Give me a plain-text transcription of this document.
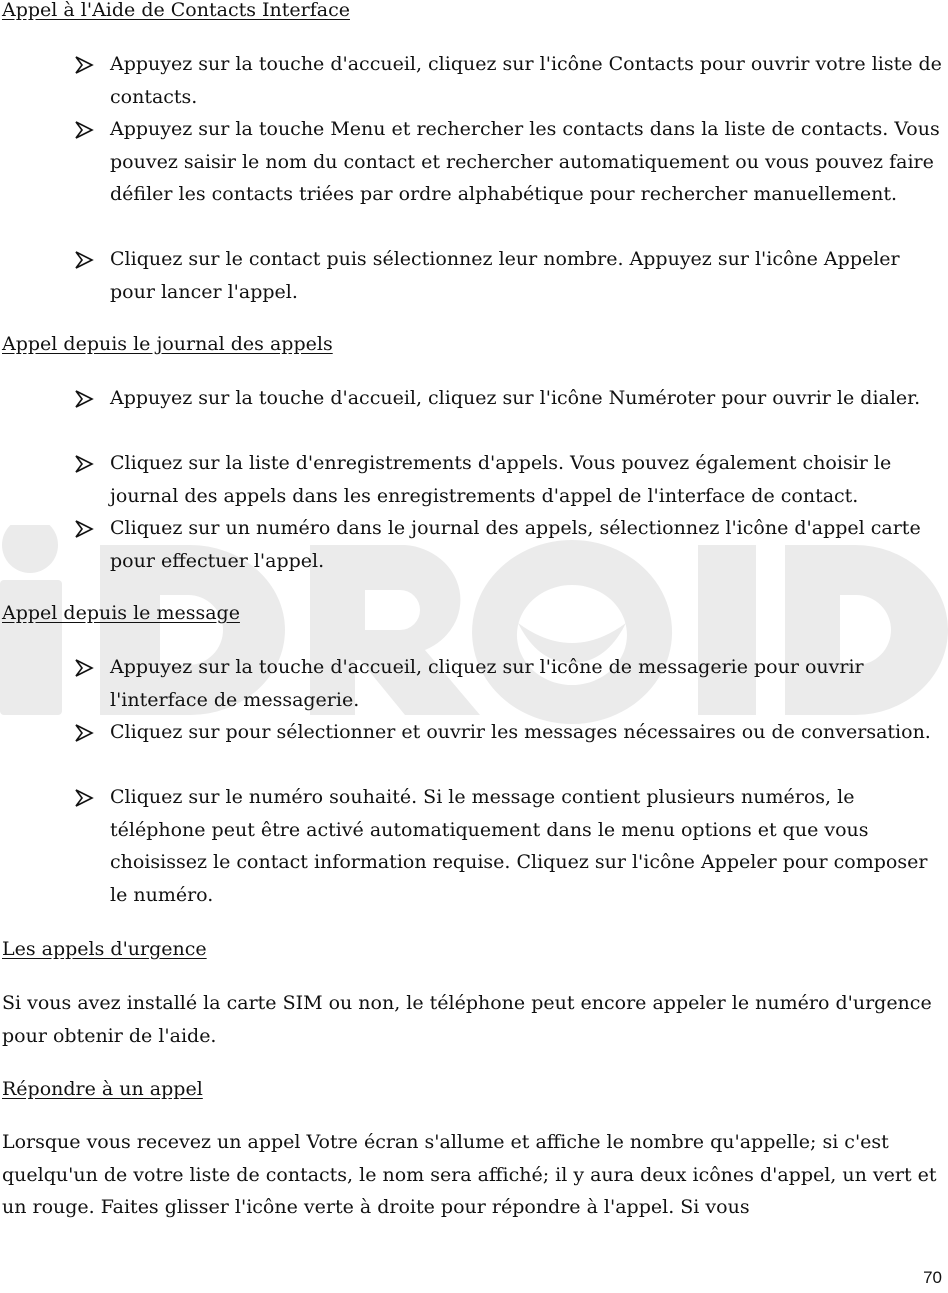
Appel à l'Aide de Contacts Interface
Appuyez sur la touche d'accueil, cliquez sur l'icône Contacts pour ouvrir votre liste de contacts.
Appuyez sur la touche Menu et rechercher les contacts dans la liste de contacts. Vous pouvez saisir le nom du contact et rechercher automatiquement ou vous pouvez faire défiler les contacts triées par ordre alphabétique pour rechercher manuellement.
Cliquez sur le contact puis sélectionnez leur nombre. Appuyez sur l'icône Appeler pour lancer l'appel.
Appel depuis le journal des appels
Appuyez sur la touche d'accueil, cliquez sur l'icône Numéroter pour ouvrir le dialer.
Cliquez sur la liste d'enregistrements d'appels. Vous pouvez également choisir le journal des appels dans les enregistrements d'appel de l'interface de contact.
Cliquez sur un numéro dans le journal des appels, sélectionnez l'icône d'appel carte pour effectuer l'appel.
Appel depuis le message
Appuyez sur la touche d'accueil, cliquez sur l'icône de messagerie pour ouvrir l'interface de messagerie.
Cliquez sur pour sélectionner et ouvrir les messages nécessaires ou de conversation.
Cliquez sur le numéro souhaité. Si le message contient plusieurs numéros, le téléphone peut être activé automatiquement dans le menu options et que vous choisissez le contact information requise. Cliquez sur l'icône Appeler pour composer le numéro.
Les appels d'urgence
Si vous avez installé la carte SIM ou non, le téléphone peut encore appeler le numéro d'urgence pour obtenir de l'aide.
Répondre à un appel
Lorsque vous recevez un appel Votre écran s'allume et affiche le nombre qu'appelle; si c'est quelqu'un de votre liste de contacts, le nom sera affiché; il y aura deux icônes d'appel, un vert et un rouge. Faites glisser l'icône verte à droite pour répondre à l'appel. Si vous
70
